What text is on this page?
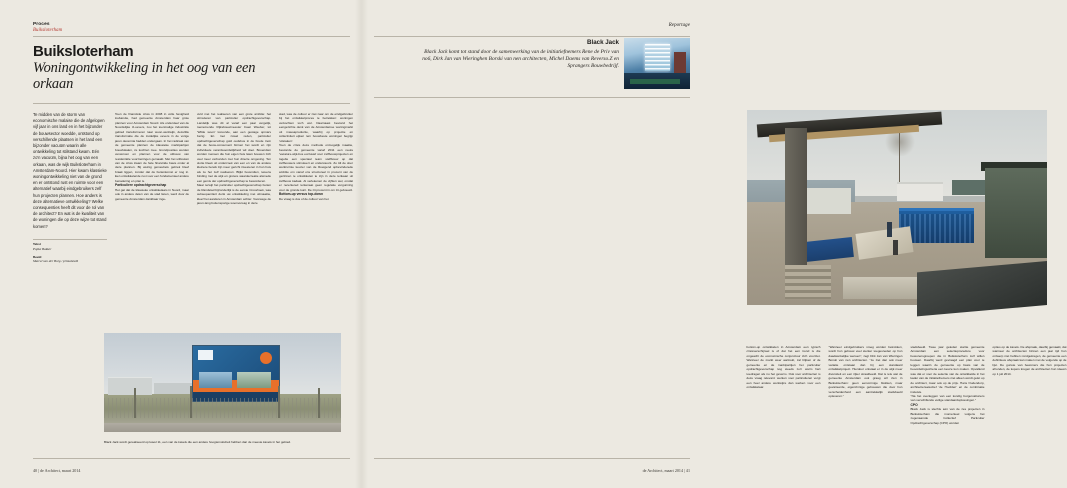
Proces
Buiksloterham
Buiksloterham
Woningontwikkeling in het oog van een orkaan

Te midden van de storm van economische malaise die de afgelopen vijf jaar in ons land en in het bijzonder de bouwsector woedde, ontstond op verschillende plaatsen in het land een bijzonder vacuüm waarin alle ontwikkeling tot stilstand kwam. Eén zo'n vacuüm, bijna het oog van een orkaan, was de wijk Buiksloterham in Amsterdam-Noord. Hier kwam klassieke woningontwikkeling niet van de grond en er ontstond rust en ruimte voor een alternatief waarbij eindgebruikers zelf hun projecten plannen. Hoe anders is deze alternatieve ontwikkeling? Welke consequenties heeft dit voor de rol van de architect? En wat is de kwaliteit van de woningen die op deze wijze tot stand komen?

Tekst
Popke Bakker
Beeld
Marcel van der Burg / primabeeld

Toen de financiële crisis in 2008 in volle hevigheid losbarstte, had gemeente Amsterdam haar grote plannen voor Amsterdam Noord. Als onderdeel van de Noordelijke IJ-oevers, zou het toenmalige industriële gebied transformeren naar woon-werkwijk, dezelfde transformatie die de zuidelijke oevers in de vorige jaren decennia hadden ondergaan. In het radicaal van de gemeente plannen de klassieke marktpartijen bouwlokalen, ze kochten mee. Grondposities werden verworven en plannen voor de uitbouw van residentiële voorzieningen gemaakt. Met het uitbreken van de crisis kwam de hele financiële basis onder al deze plannen. Bij weinig gemeubels gebrek bleef braak liggen, zonder dat de buitenkomst er nog in. Een ontwikkelende rust voor een fundamenteel andere benadering en plan is.

Particuliere opdrachtgeverschap

Het gat dat de klassieke ontwikkelaars in Noord, maar ook in andere delen van de stad lieten, werd door de gemeente Amsterdam dankbaar inge-

vuld met het realiseren van een grote ambitie: het stimuleren van particulier opdrachtgeverschap. Landelijk was dit al vanaf een paar vergelijk, toenemende Rijksbouwmeester Caen Weeber, tot 'Wilde woon' losvonde, aan een gestage opmars bezig. En met zowel reden, particulier opdrachtgeverschap gold oudsbus in de brede trein dat de bouw-consument binnen het wordt en zijn individuele verantwoordelijkheid wil doet. Bovendien worden mensen die hun eigen huis laten bouwen zich veel meer verbonden met hun directe omgeving. Ten slotte bleek uit onderzoek van een en van de andere kleinere bereik zijn meer gericht investeren in hun huis als ze het zelf realiseren. Blijkt bovendien, tweens binding met de wijk en grotere waardecreatie alsmede een gemis der opdrachtgeverschap te beworderen.

Maar terwijl het particulier opdrachtgeverschap buiten de Randstad bijzonderlijk is de eerste Crosshoek, was subsequentiert denk uw ontwikkeling met uitmaakte, kleef het aanderen in Amsterdam achter. Voorwege de jaren-lang buitensporige woonversag in deze

stad, was de cultuur er niet naar om de eindgebruiker bij het ontwikkelproces te betrekken: woningen verkochten toch wel. Daarnaast bestond het eengezichte denk van de Amsterdamse woningmarkt uit massaproductie, waarbij op projectie en collectiviteit eijken rem bouwbeste woningen begrijp 'uitstaken'.

Toen de crisis deze methode onmogelijk maakte, bestonde de gemeente vanaf 2011 een reeks 'vacature-wijk-bos exclusief voor zelfbouwprojecten en togelte een speciaal team stelfbouw op dat zelfbouwers stimuleert en ondersteunt. Zo ldt de door werkruimte keuzer van de Roeigend opbevinderede ambitie om vanaf ons structureel in procent van de gezinnen te ontwikkelen te zijn in deze tenkaan uit zelfbouw kadaat. Al verlekenen de vijftien wel, omdat er recentered terkenaat geen regulatie vergunning voor de gronde kunt. De zit procent in om zit gebouwd.

Bottom-up versus top-down

De vraag is dus of de cultuur van het

Black Jack wordt gerealiseerd op kavel 11, een van de kavels die een andere hoogtemotiviteit hebben dan de meeste kavels in het gebied.

40 | de Architect, maart 2014
Reportage

Black Jack

Black Jack komt tot stand door de samenwerking van de initiatiefnemers Rene de Priv van no6, Dirk Jan van Wieringhen Borski van nen architecten, Michel Daems van Reverso.Z en Sprangers Bouwbedrijf.

bottom-up ontwikkelen in Amsterdam een typisch crisisverschijnsel is of dat het een trend is die ongeacht de economische conjunctuur zich voortzet. Wanneer de markt weer aantrekt, zal blijken of de gemeente en de marktpartijen het particulier opdrachtgeverschap nog steeds zo'n warm hart toedragen als nu het geval is. Ook voor architecten is deze vraag relevant: werken voor particulieren vergt een heel andere werkwijze dan werken voor een ontwikkelaar.

"Wanneer eindgebruikers vroeg worden betrokken, wordt hun gebouw veel sterker toegesneden op hun daadwerkelijke wensen", zegt Dirk Jan van Wieringen Borski van nen architecten. "Je ziet dan ook meer variatie ontstaan dan bij een standaard ontwikkelproject. Hierdoor ontstaat er in de wijk meer diversiteit en een rijker straatbeeld. Dat is iets wat de gemeente Amsterdam ook graag wil zien in Buiksloterham: geen eenvormige blokken, maar gevarieerde, eigenzinnige gebouwen die door hun verscheidenheid een aantrekkelijk stadsbeeld opleveren."

stadsbeeld. Twee jaar geleden startte gemeente Amsterdam een selectieprocedure voor bewonersgroepen die in Buiksloterham zelf willen bouwen. Daarbij werd gevraagd een plan voor te leggen waarin de gemeente op basis van de beoordelingscriteria een keuze kon maken. Opvallend was dat er voor de selectie van de ontwikkelde in het kader van de initiatiefnemers niet alleen wordt gelet op de architect, maar ook op de prijs. Hans Oudendorp, architectenselectief 'de Hoofden' en de combinatie insleisis.

"Na het overleggen van een kundig burgervaltuners van verschillende veilige standaardoplossingen."

CPO

Black Jack is slechts één van de zes projecten in Buiksloterham die momenteel volgens het zogenaamde Collectief Particulier Opdrachtgeverschap (CPO) worden

opties op de kavels. De afspraak, daarbij gemaakt, dat wanneer de architecten binnen een jaar tijd hun ontwerp niet hebben rondgekregen, de gemeente een definitieve afspraak kan maken met de volgende op de lijst. De gunste van bewoners die hun projecten afronden, de kopers kregen de architecten hun ideeën op 1 juli 2014.

de Architect, maart 2014 | 41
